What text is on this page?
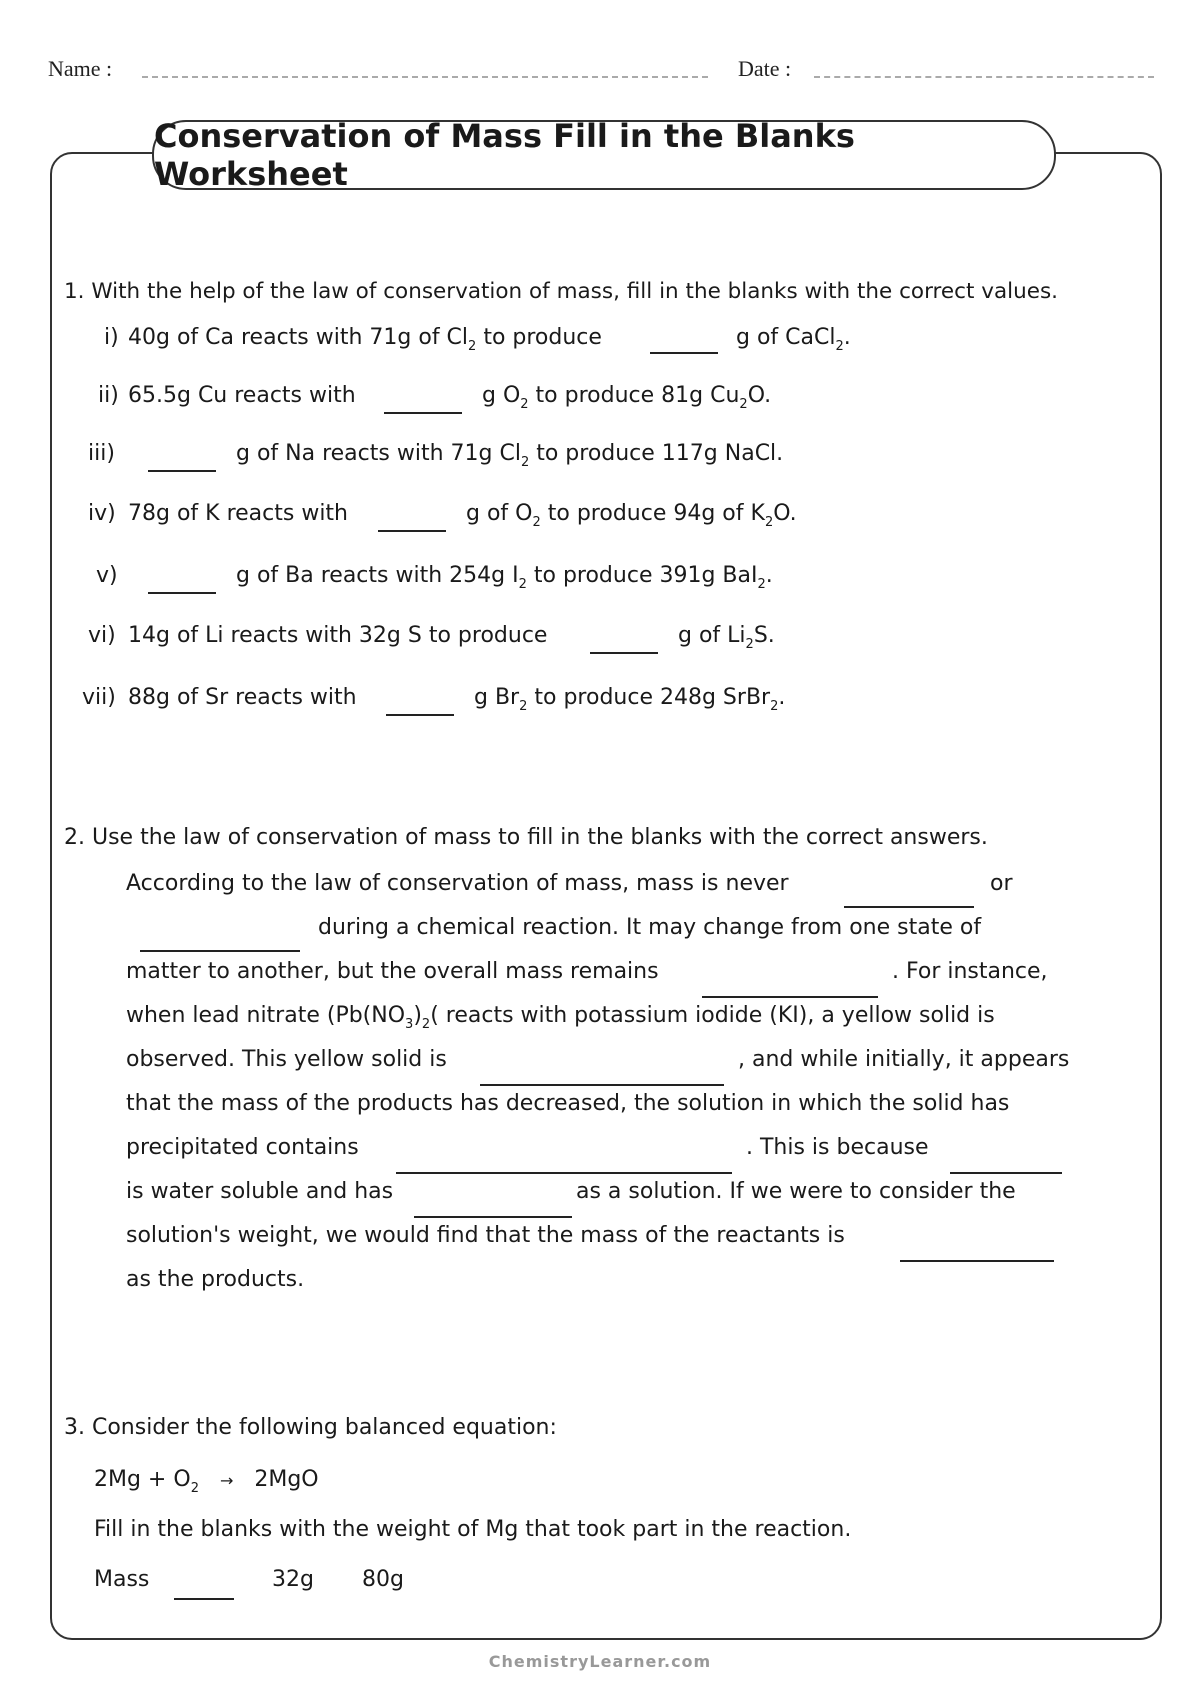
Name :	Date :
Conservation of Mass Fill in the Blanks Worksheet
1. With the help of the law of conservation of mass, fill in the blanks with the correct values.
i) 40g of Ca reacts with 71g of $Cl_2$ to produce	g of CaCl$_2$.
ii) 65.5g Cu reacts with	g $O_2$ to produce 81g $Cu_2O$.
iii)	g of Na reacts with 71g $Cl_2$ to produce 117g NaCl.
iv) 78g of K reacts with	g of $O_2$ to produce 94g of $K_2O$.
v)	g of Ba reacts with 254g $I_2$ to produce 391g BaI$_2$.
vi) 14g of Li reacts with 32g S to produce	g of $Li_2S$.
vii) 88g of Sr reacts with	g $Br_2$ to produce 248g SrBr$_2$.
2. Use the law of conservation of mass to fill in the blanks with the correct answers.
According to the law of conservation of mass, mass is never	or
during a chemical reaction. It may change from one state of
matter to another, but the overall mass remains	. For instance,
when lead nitrate ($Pb(NO_3)_2$( reacts with potassium iodide (KI), a yellow solid is
observed. This yellow solid is	, and while initially, it appears
that the mass of the products has decreased, the solution in which the solid has
precipitated contains	. This is because
is water soluble and has	as a solution. If we were to consider the
solution's weight, we would find that the mass of the reactants is
as the products.
3. Consider the following balanced equation:
$2Mg + O_2 \to 2MgO$
Fill in the blanks with the weight of Mg that took part in the reaction.
Mass	32g 80g
ChemistryLearner.com
